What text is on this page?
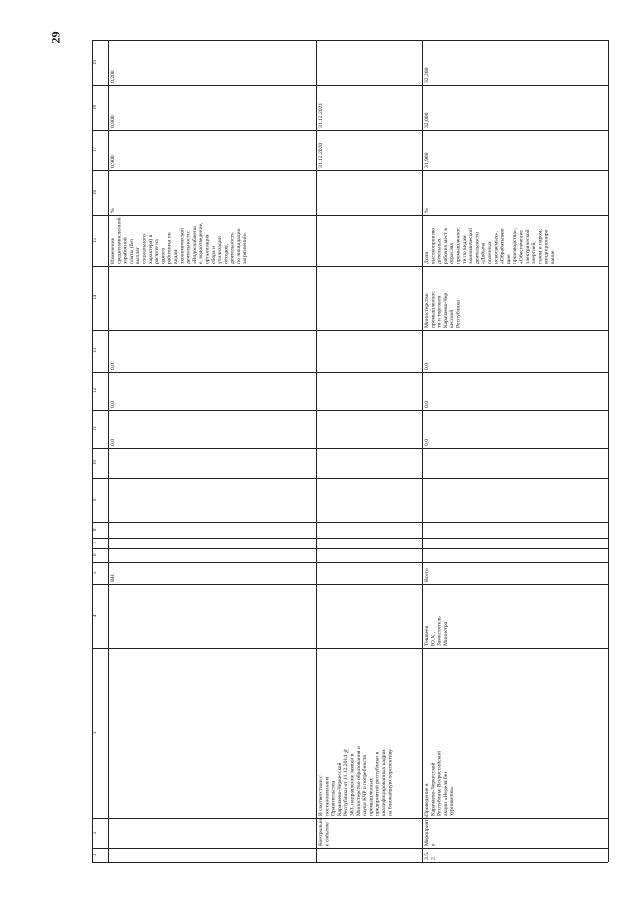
29
1
2
3
4
5
6
7
8
9
10
11
12
13
14
15
16
17
18
19
ВН
0,0
0,0
0,0
Изменение
средненачисленной
заработной
платы (без
выплат
социального
характера) в
расчете на
одного
работника по
видам
экономической
деятельности:
«Водоснабжени
е, водоотведение,
организация
сбора и
утилизации
отходов,
деятельность
по ликвидации
загрязнений»
%
0,900
0,800
0,200
Контрольно
e событие
В соответствии с
постановлением
Правительства
Карачаево-Черкесской
Республики от 11.12.2014 №
383, направление заявки в
Министерство образования и
науки КЧР о потребности
промышленных
предприятий республики в
квалифицированных кадрах
на ближайшую перспективу
31.12.2020
31.12.2021
3.5.
2
Мероприяти
e
Проведение в
Карачаево-Черкесской
Республике Всероссийской
акции «Неделя без
турникетов»
Тешвеев
Ю.Х.,
Заместитель
Министра
Всего
0,0
0,0
0,0
Министерство
промышленнос
ти и торговли
Карачаево-Чер
кесской
Республики
Доля
высокопроизво
дительных
рабочих мест в
отраслях
промышленнос
ти по видам
экономической
деятельности
«Добыча
полезных
ископаемых»,
«Обрабатываю
щие
производства»,
«Обеспечение
электрической
энергией,
газом и паром;
кондициониро
вание
%
31,900
32,000
32,200
